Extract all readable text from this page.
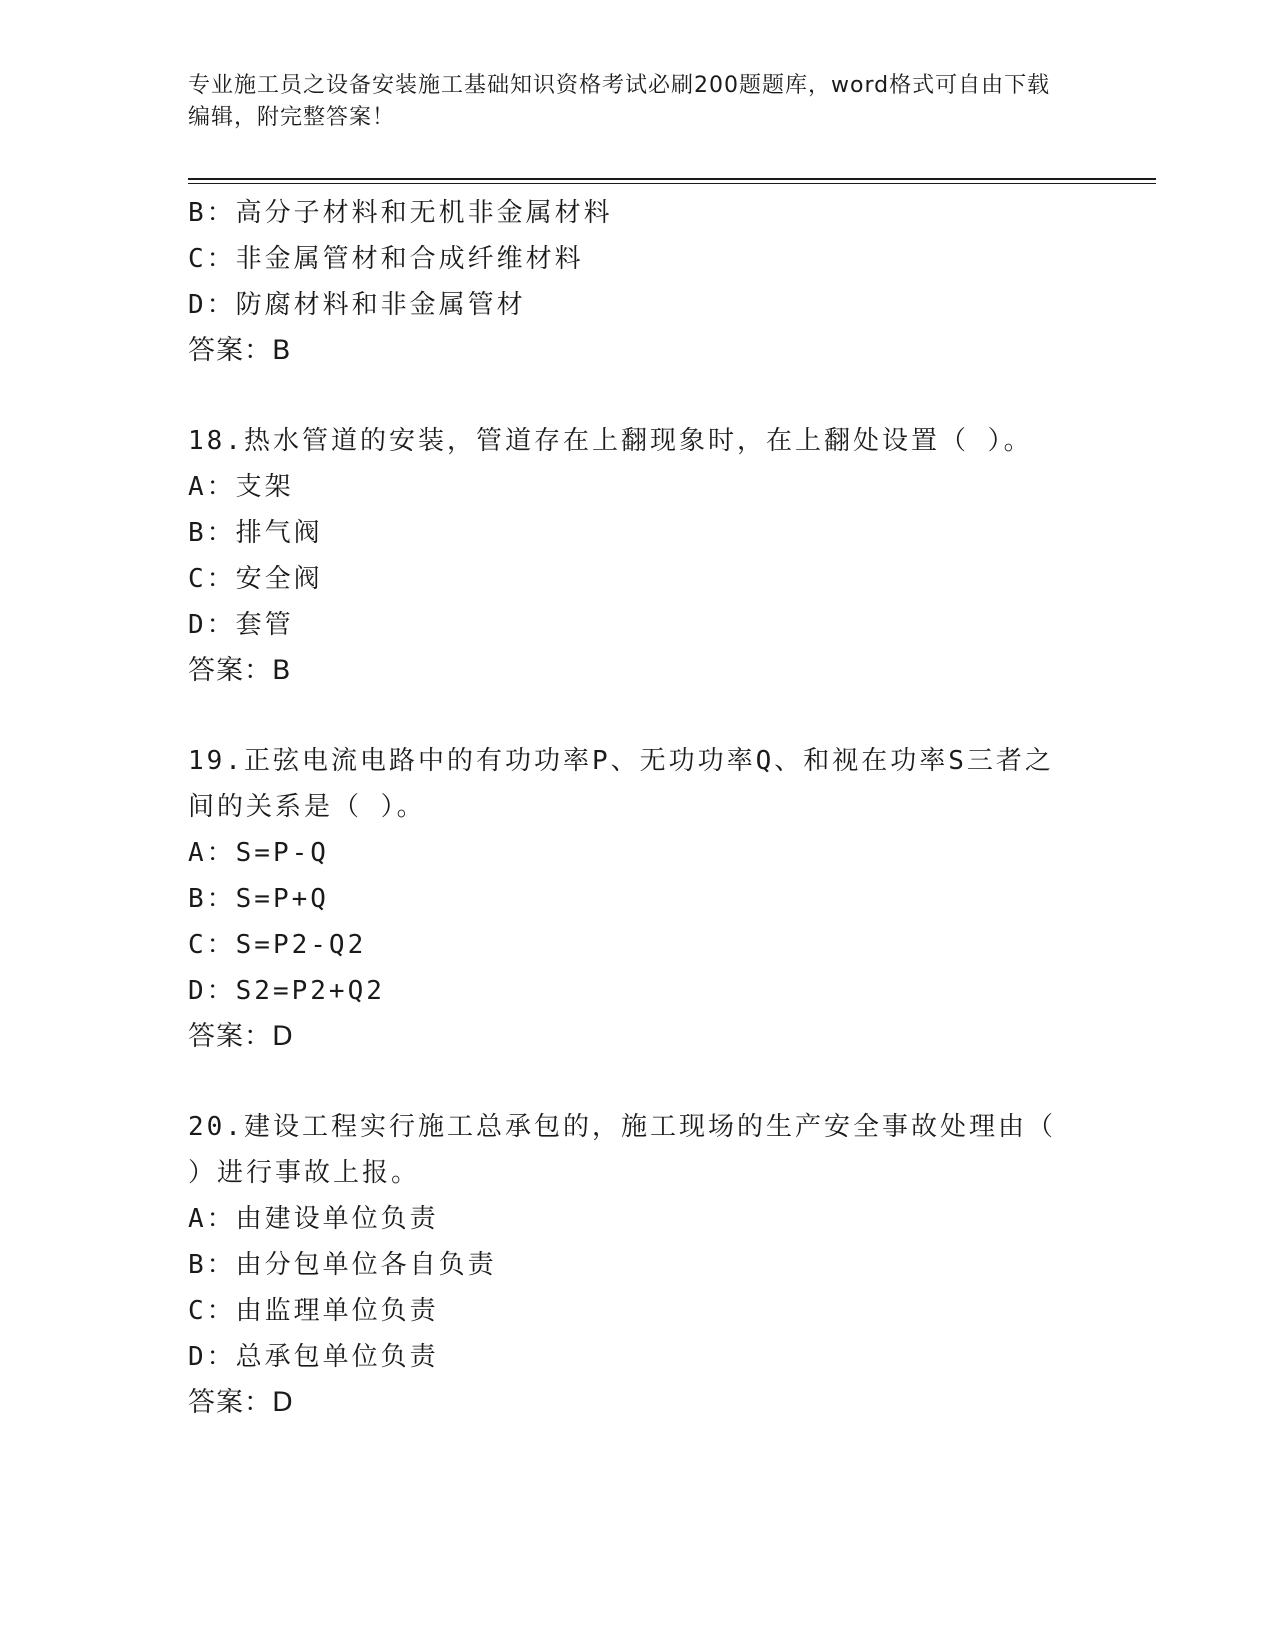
专业施工员之设备安装施工基础知识资格考试必刷200题题库，word格式可自由下载编辑，附完整答案！
B：高分子材料和无机非金属材料
C：非金属管材和合成纤维材料
D：防腐材料和非金属管材
答案：B
18.热水管道的安装，管道存在上翻现象时，在上翻处设置（ ）。
A：支架
B：排气阀
C：安全阀
D：套管
答案：B
19.正弦电流电路中的有功功率P、无功功率Q、和视在功率S三者之
间的关系是（ ）。
A：S=P-Q
B：S=P+Q
C：S=P2-Q2
D：S2=P2+Q2
答案：D
20.建设工程实行施工总承包的，施工现场的生产安全事故处理由（
）进行事故上报。
A：由建设单位负责
B：由分包单位各自负责
C：由监理单位负责
D：总承包单位负责
答案：D
